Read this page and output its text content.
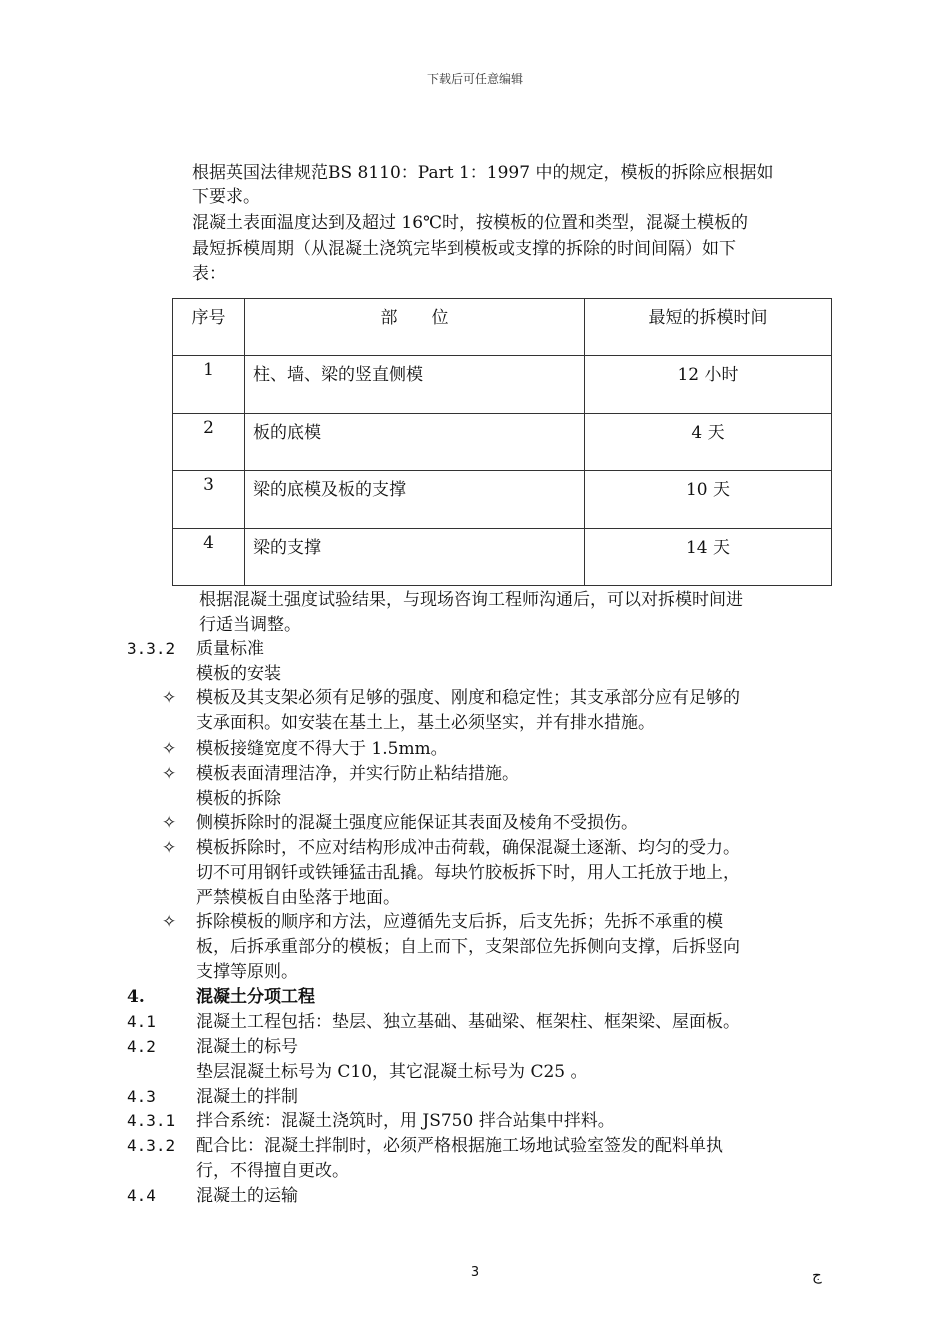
下载后可任意编辑
根据英国法律规范BS 8110：Part 1：1997 中的规定，模板的拆除应根据如
下要求。
混凝土表面温度达到及超过 16℃时，按模板的位置和类型，混凝土模板的
最短拆模周期（从混凝土浇筑完毕到模板或支撑的拆除的时间间隔）如下
表：
序号	部　　位	最短的拆模时间
1	柱、墙、梁的竖直侧模	12 小时
2	板的底模	4 天
3	梁的底模及板的支撑	10 天
4	梁的支撑	14 天
根据混凝土强度试验结果，与现场咨询工程师沟通后，可以对拆模时间进
行适当调整。
3.3.2 质量标准
模板的安装
✧ 模板及其支架必须有足够的强度、刚度和稳定性；其支承部分应有足够的
支承面积。如安装在基土上，基土必须坚实，并有排水措施。
✧ 模板接缝宽度不得大于 1.5mm。
✧ 模板表面清理洁净，并实行防止粘结措施。
模板的拆除
✧ 侧模拆除时的混凝土强度应能保证其表面及棱角不受损伤。
✧ 模板拆除时，不应对结构形成冲击荷载，确保混凝土逐渐、均匀的受力。
切不可用钢钎或铁锤猛击乱撬。每块竹胶板拆下时，用人工托放于地上，
严禁模板自由坠落于地面。
✧ 拆除模板的顺序和方法，应遵循先支后拆，后支先拆；先拆不承重的模
板，后拆承重部分的模板；自上而下，支架部位先拆侧向支撑，后拆竖向
支撑等原则。
4.	混凝土分项工程
4.1 混凝土工程包括：垫层、独立基础、基础梁、框架柱、框架梁、屋面板。
4.2 混凝土的标号
垫层混凝土标号为 C10，其它混凝土标号为 C25 。
4.3 混凝土的拌制
4.3.1 拌合系统：混凝土浇筑时，用 JS750 拌合站集中拌料。
4.3.2 配合比：混凝土拌制时，必须严格根据施工场地试验室签发的配料单执
行，不得擅自更改。
4.4 混凝土的运输
3	ج
